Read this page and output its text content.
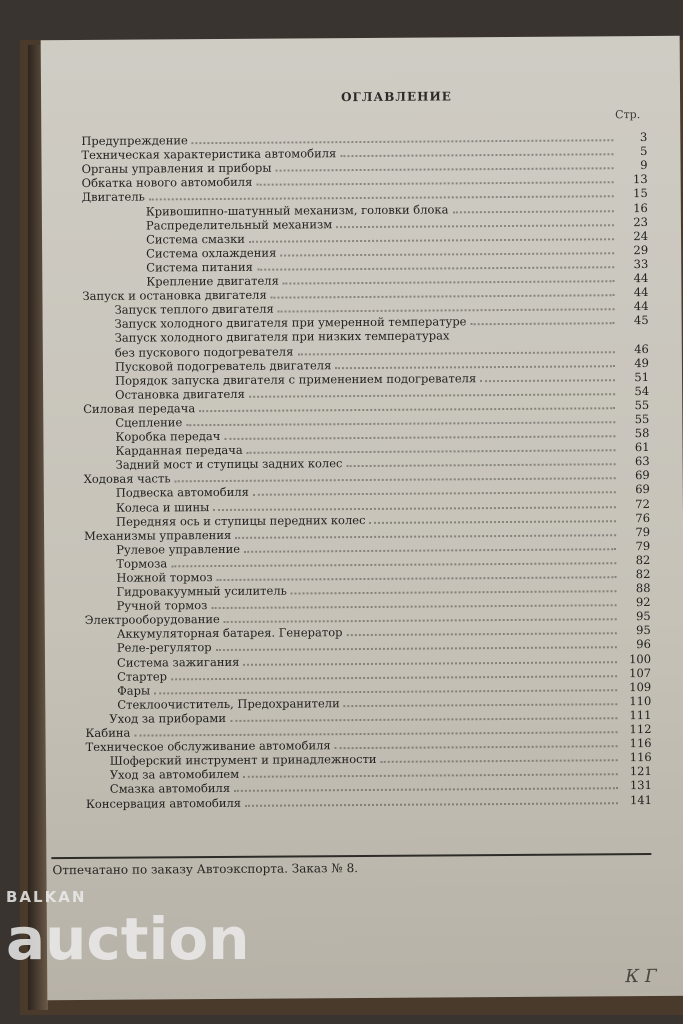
ОГЛАВЛЕНИЕ
Стр.
Предупреждение	3
Техническая характеристика автомобиля	5
Органы управления и приборы	9
Обкатка нового автомобиля	13
Двигатель	15
Кривошипно-шатунный механизм, головки блока	16
Распределительный механизм	23
Система смазки	24
Система охлаждения	29
Система питания	33
Крепление двигателя	44
Запуск и остановка двигателя	44
Запуск теплого двигателя	44
Запуск холодного двигателя при умеренной температуре	45
Запуск холодного двигателя при низких температурах
без пускового подогревателя	46
Пусковой подогреватель двигателя	49
Порядок запуска двигателя с применением подогревателя	51
Остановка двигателя	54
Силовая передача	55
Сцепление	55
Коробка передач	58
Карданная передача	61
Задний мост и ступицы задних колес	63
Ходовая часть	69
Подвеска автомобиля	69
Колеса и шины	72
Передняя ось и ступицы передних колес	76
Механизмы управления	79
Рулевое управление	79
Тормоза	82
Ножной тормоз	82
Гидровакуумный усилитель	88
Ручной тормоз	92
Электрооборудование	95
Аккумуляторная батарея. Генератор	95
Реле-регулятор	96
Система зажигания	100
Стартер	107
Фары	109
Стеклоочиститель, Предохранители	110
Уход за приборами	111
Кабина	112
Техническое обслуживание автомобиля	116
Шоферский инструмент и принадлежности	116
Уход за автомобилем	121
Смазка автомобиля	131
Консервация автомобиля	141
Отпечатано по заказу Автоэкспорта. Заказ № 8.
К Г
BALKAN
auction
